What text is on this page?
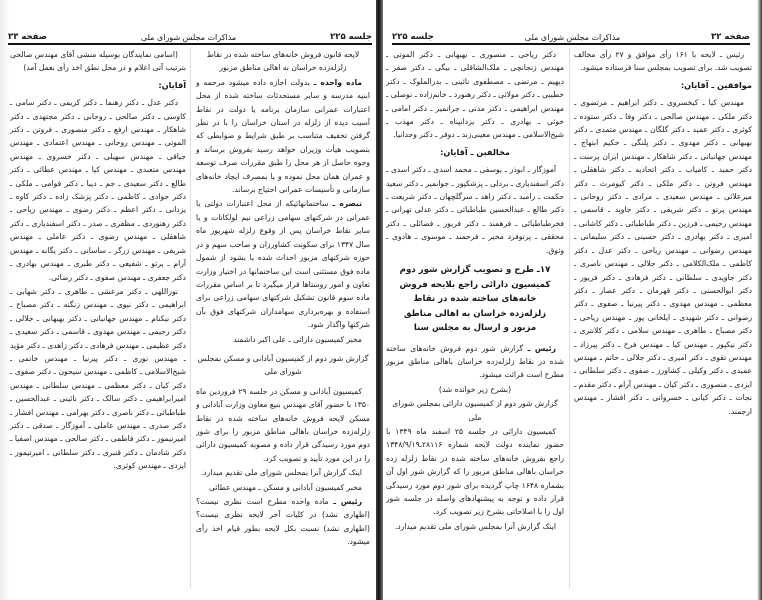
جلسه ۲۲۵
مذاکرات مجلس شورای ملی
صفحه ۳۳

لایحه قانون فروش خانه‌های ساخته شده در نقاط زلزله‌زده خراسان به اهالی مناطق مزبور

ماده واحده ـ بدولت اجازه داده میشود مرحمه و ابنیه مدرسه و سایر مستحدثات ساخته شده از محل اعتبارات عمرانی سازمان برنامه یا دولت در نقاط آسیب دیده از زلزله در استان خراسان را با در نظر گرفتن تخفیف متناسب بر طبق شرایط و ضوابطی که بتصویب هیأت وزیران خواهد رسید بفروش برساند و وجوه حاصل از هر محل را طبق مقررات صرف توسعه و عمران همان محل نموده و یا بمصرف ایجاد خانه‌های سازمانی و تأسیسات عمرانی احتیاج برساند.

تبصره ـ ساختمانهائیکه از محل اعتبارات دولتی یا عمرانی در شرکتهای سهامی زراعی نیم لولکانات و یا سایر نقاط خراسان پس از وقوع زلزله شهریور ماه سال ۱۳۴۷ برای سکونت کشاورزان و صاحب سهم و در حوزه شرکتهای مزبور احداث شده یا بشود از شمول ماده فوق مستثنی است این ساختمانها در اختیار وزارت تعاون و امور روستاها قرار میگیرد تا بر اساس مقررات ماده سوم قانون تشکیل شرکتهای سهامی زراعی برای استفاده و بهره‌برداری سهامداران شرکتهای فوق بآن شرکتها واگذار شود.

مخبر کمیسیون دارائی ـ علی اکبر داشمند

گزارش شور دوم از کمیسیون آبادانی و مسکن بمجلس شورای ملی

کمیسیون آبادانی و مسکن در جلسه ۲۹ فروردین ماه ۱۳۵۰ با حضور آقای مهندس بنیع معاون وزارت آبادانی و مسکن لایحه فروش خانه‌های ساخته شده در نقاط زلزله‌زده خراسان باهالی مناطق مزبور را برای شور دوم مورد رسیدگی قرار داده و مصوبه کمیسیون دارائی را در این مورد تأیید و تصویب کرد.

اینک گزارش آنرا بمجلس شورای ملی تقدیم میدارد.

مخبر کمیسیون آبادانی و مسکن ـ مهندس عطائی

رئیس ـ ماده واحده مطرح است نظری نیست؟ (اظهاری نشد) در کلیات آخر لایحه نظری نیست؟ (اظهاری نشد) نسبت بکل لایحه بطور قیام اخذ رأی میشود.

(اسامی نمایندگان بوسیله منشی آقای مهندس صالحی بترتیب آتی اعلام و در محل نطق اخذ رأی بعمل آمد)

آقایان:

دکتر عدل ـ دکتر رهنما ـ دکتر کریمی ـ دکتر سامی ـ کاوسی ـ دکتر صالحی ـ روحانی ـ دکتر مجتهدی ـ دکتر شاهکار ـ مهندس ارفع ـ دکتر منصوری ـ فروتن ـ دکتر الموتی ـ مهندس روحانی ـ مهندس اعتمادی ـ مهندس جیاقی ـ مهندس سهیلی ـ دکتر خسروی ـ مهندس مهندس متعبدی ـ مهندس کیا ـ مهندس عطائی ـ دکتر طالع ـ دکتر سعیدی ـ جم ـ دیبا ـ دکتر قوامی ـ ملکی ـ دکتر جوادی ـ کاظمی ـ دکتر پزشک زاده ـ دکتر کاوه ـ یزدانی ـ دکتر اعظم ـ دکتر رضوی ـ مهندس ریاحی ـ دکتر رهنوردی ـ مظفری ـ صدر ـ دکتر اسفندیاری ـ دکتر شاهقلی ـ مهندس رضوی ـ دکتر عاملی ـ مهندس شریفی ـ مهندس زرگر ـ ساسانی ـ دکتر یگانه ـ مهندس آرام ـ پرتو ـ شفیعی ـ دکتر طبری ـ مهندس بهادری ـ دکتر جعفری ـ مهندس صفوی ـ دکتر رضائی.

نوراللهی ـ دکتر مرعشی ـ طاهری ـ دکتر شهابی ـ ابراهیمی ـ دکتر نبوی ـ مهندس زنگنه ـ دکتر مصباح ـ دکتر نیکنام ـ مهندس جهانبانی ـ دکتر بهبهانی ـ جلالی ـ دکتر رحیمی ـ مهندس مهدوی ـ قاسمی ـ دکتر سعیدی ـ دکتر عظیمی ـ مهندس فرهادی ـ دکتر زاهدی ـ دکتر مؤید ـ مهندس نوری ـ دکتر پیرنیا ـ مهندس خاتمی ـ شیخ‌الاسلامی ـ کاظمی ـ مهندس سیحون ـ دکتر صفوی ـ دکتر کیان ـ دکتر معظمی ـ مهندس سلطانی ـ مهندس امیرابراهیمی ـ دکتر سالک ـ دکتر نائینی ـ عبدالحسین ـ طباطبائی ـ دکتر ناصری ـ دکتر بهرامی ـ مهندس افشار ـ دکتر صدری ـ مهندس عاملی ـ آموزگار ـ صدقی ـ دکتر امیرتیمور ـ دکتر فاطمی ـ دکتر صالحی ـ مهندس اصفیا ـ دکتر شادمان ـ دکتر قنبری ـ دکتر سلطانی ـ امیرتیمور ـ ایزدی ـ مهندس کوثری.

صفحه ۳۲
مذاکرات مجلس شورای ملی
جلسه ۲۲۵

رئیس ـ لایحه با ۱۶۱ رأی موافق و ۲۷ رأی مخالف تصویب شد. برای تصویب بمجلس سنا فرستاده میشود.

موافقین ـ آقایان:

مهندس کیا ـ کیخسروی ـ دکتر ابراهیم ـ مرتضوی ـ دکتر ملکی ـ مهندس صالحی ـ دکتر وفا ـ دکتر ستوده ـ کوثری ـ دکتر عمید ـ دکتر گلگان ـ مهندس متمدی ـ دکتر بهبهانی ـ دکتر مهدوی ـ دکتر پلنگی ـ حکیم ابتهاج ـ مهندس جهانبانی ـ دکتر شاهکار ـ مهندس ایران پرست ـ دکتر حمید ـ کامیاب ـ دکتر اتحادیه ـ دکتر شاهقلی ـ مهندس فروتن ـ دکتر ملکی ـ دکتر کیومرث ـ دکتر میرعلائی ـ مهندس سعیدی ـ مرادی ـ دکتر روحانی ـ مهندس پرتو ـ دکتر شریفی ـ دکتر جاوید ـ قاسمی ـ مهندس رحیمی ـ فرزین ـ دکتر طباطبائی ـ دکتر کاشانی ـ امیری ـ دکتر بهادری ـ دکتر حسینی ـ دکتر سلیمانی ـ مهندس رضوانی ـ مهندس ریاحی ـ دکتر عدل ـ دکتر کاظمی ـ ملک‌الکلامی ـ دکتر جلالی ـ مهندس ناصری ـ دکتر جاویدی ـ سلطانی ـ دکتر فرهادی ـ دکتر فریور ـ دکتر ابوالحسنی ـ دکتر قهرمان ـ دکتر عصار ـ دکتر معظمی ـ مهندس مهدوی ـ دکتر پیرنیا ـ صفوی ـ دکتر رضوانی ـ دکتر شهیدی ـ ایلخانی پور ـ مهندس ریاحی ـ دکتر مصباح ـ طاهری ـ مهندس سلامی ـ دکتر کلانتری ـ دکتر نیکپور ـ مهندس کیا ـ مهندس فرخ ـ دکتر پیرزاد ـ مهندس تقوی ـ دکتر امیری ـ دکتر جلالی ـ حاتم ـ مهندس عمیدی ـ دکتر وکیلی ـ کشاورز ـ صفوی ـ دکتر سلطانی ـ ایزدی ـ منصوری ـ دکتر کیان ـ مهندس آرام ـ دکتر مقدم ـ نجات ـ دکتر کیانی ـ خسروانی ـ دکتر افشار ـ مهندس ارجمند.

دکتر ریاحی ـ منصوری ـ بهبهانی ـ دکتر الموتی ـ مهندس زنجانچی ـ ملک‌الشاقلی ـ بیگی ـ دکتر صفر ـ دیهیم ـ مرتضی ـ مصطفوی نائینی ـ بدرالملوک ـ دکتر خطیبی ـ دکتر مولائی ـ دکتر رهنورد ـ خانم‌زاده ـ نوصلی ـ مهندس ابراهیمی ـ دکتر مدنی ـ جراتمیر ـ دکتر امامی ـ خوئی ـ بهادری ـ دکتر یزدانپناه ـ دکتر مهذب ـ شیخ‌الاسلامی ـ مهندس معینی‌زند ـ دوقر ـ دکتر وجدانیا.

مخالفین ـ آقایان:

آموزگار ـ ابوذر ـ یوسفی ـ محمد اسدی ـ دکتر اسدی ـ دکتر اسفندیاری ـ بردلی ـ پزشکپور ـ جوانمیر ـ دکتر سعید حکمت ـ رامبد ـ دکتر زاهد ـ سرگلچهان ـ دکتر شریعت ـ دکتر طالع ـ عبدالحسین طباطبائی ـ دکتر عدلی تهرانی ـ فخرطباطبائی ـ فرهمند ـ دکتر فریور ـ فضائلی ـ دکتر محققی ـ پرتوفرد مخبر ـ فرحمند ـ موسوی ـ هادوی ـ وثوق.

۱۷ـ طرح و تصویب گزارش شور دوم کمیسیون دارائی راجع بلایحه فروش خانه‌های ساخته شده در نقاط زلزله‌زده خراسان به اهالی مناطق مزبور و ارسال به مجلس سنا

رئیس ـ گزارش شور دوم فروش خانه‌های ساخته شده در نقاط زلزله‌زده خراسان باهالی مناطق مزبور مطرح است قرائت میشود.

(بشرح زیر خوانده شد)

گزارش شور دوم از کمیسیون دارائی بمجلس شورای ملی

کمیسیون دارائی در جلسه ۲۵ اسفند ماه ۱۳۴۹ با حضور نماینده دولت لایحه شماره ۲۸۱۱۶ـ۱۳۴۸/۹/۱۹ راجع بفروش خانه‌های ساخته شده در نقاط زلزله زده خراسان باهالی مناطق مزبور را که گزارش شور اول آن بشماره ۱۶۴۸ چاپ گردیده برای شور دوم مورد رسیدگی قرار داده و توجه به پیشنهادهای واصله در جلسه شور اول را با اصلاحاتی بشرح زیر تصویب کرد.

اینک گزارش آنرا بمجلس شورای ملی تقدیم میدارد.
